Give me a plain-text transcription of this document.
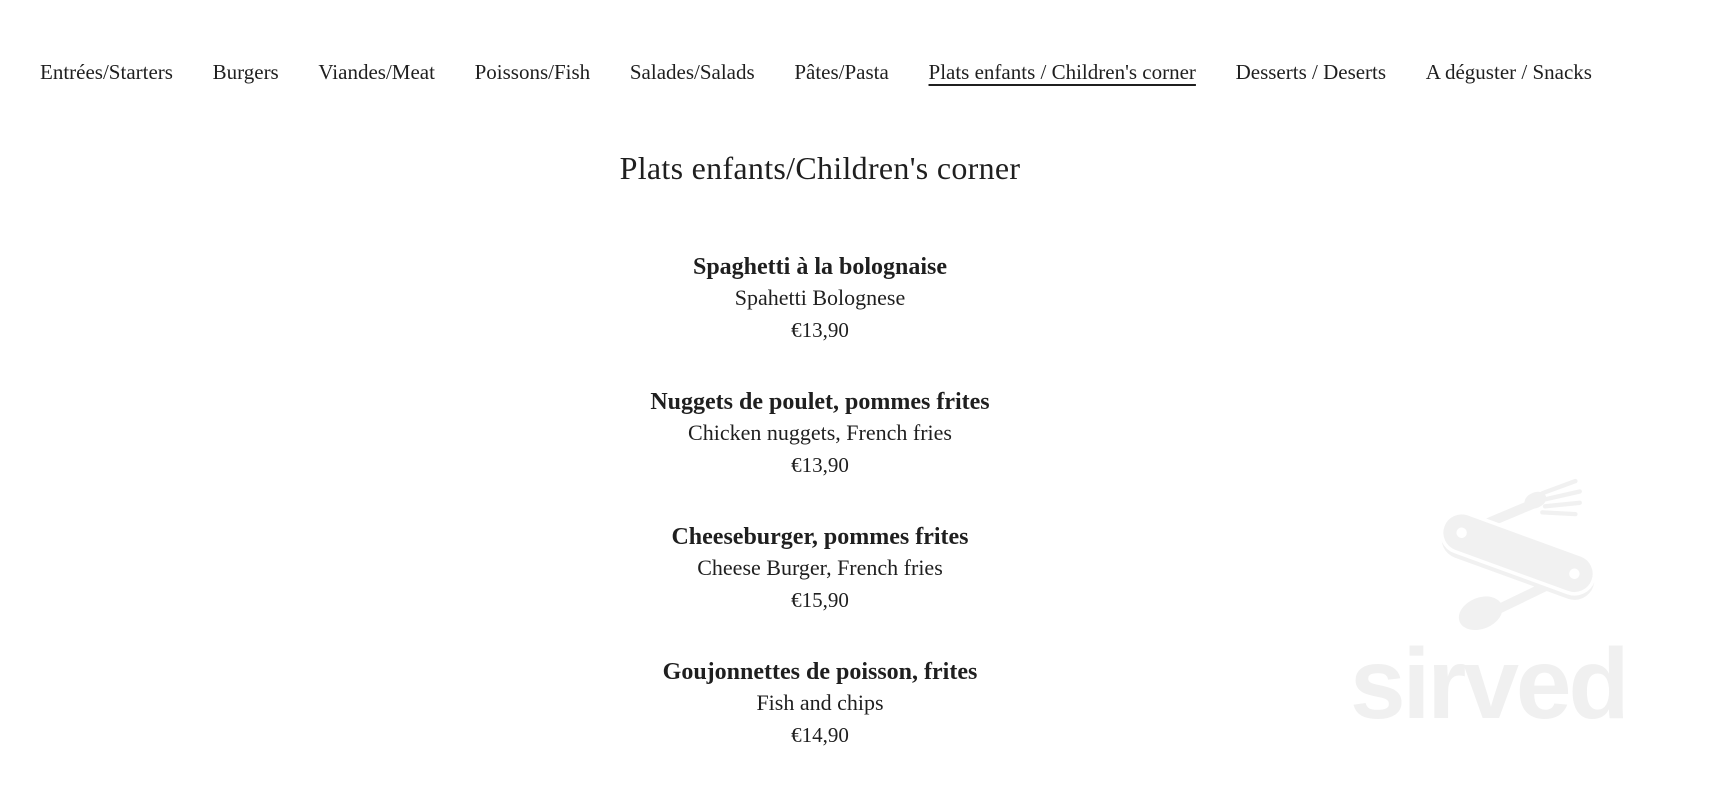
Entrées/Starters Burgers Viandes/Meat Poissons/Fish Salades/Salads Pâtes/Pasta Plats enfants / Children's corner Desserts / Deserts A déguster / Snacks
Plats enfants/Children's corner
Spaghetti à la bolognaise
Spahetti Bolognese
€13,90
Nuggets de poulet, pommes frites
Chicken nuggets, French fries
€13,90
Cheeseburger, pommes frites
Cheese Burger, French fries
€15,90
Goujonnettes de poisson, frites
Fish and chips
€14,90	sirved
